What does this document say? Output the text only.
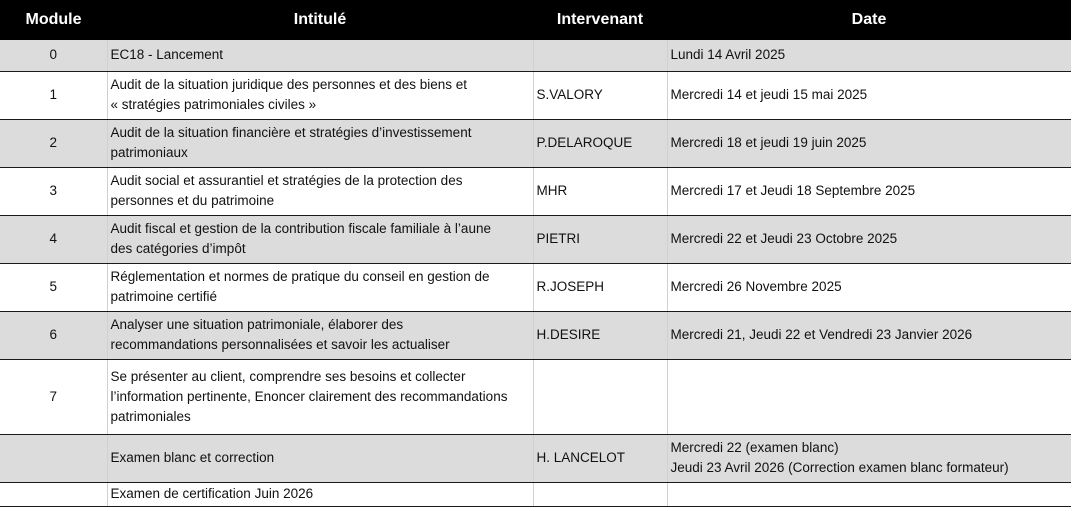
Module	Intitulé	Intervenant	Date
0	EC18 - Lancement		Lundi 14 Avril 2025
1	Audit de la situation juridique des personnes et des biens et
« stratégies patrimoniales civiles »	S.VALORY	Mercredi 14 et jeudi 15 mai 2025
2	Audit de la situation financière et stratégies d’investissement
patrimoniaux	P.DELAROQUE	Mercredi 18 et jeudi 19 juin 2025
3	Audit social et assurantiel et stratégies de la protection des
personnes et du patrimoine	MHR	Mercredi 17 et Jeudi 18 Septembre 2025
4	Audit fiscal et gestion de la contribution fiscale familiale à l’aune
des catégories d’impôt	PIETRI	Mercredi 22 et Jeudi 23 Octobre 2025
5	Réglementation et normes de pratique du conseil en gestion de
patrimoine certifié	R.JOSEPH	Mercredi 26 Novembre 2025
6	Analyser une situation patrimoniale, élaborer des
recommandations personnalisées et savoir les actualiser	H.DESIRE	Mercredi 21, Jeudi 22 et Vendredi 23 Janvier 2026
7	Se présenter au client, comprendre ses besoins et collecter
l’information pertinente, Enoncer clairement des recommandations
patrimoniales		
	Examen blanc et correction	H. LANCELOT	Mercredi 22 (examen blanc)
Jeudi 23 Avril 2026 (Correction examen blanc formateur)
	Examen de certification Juin 2026		
